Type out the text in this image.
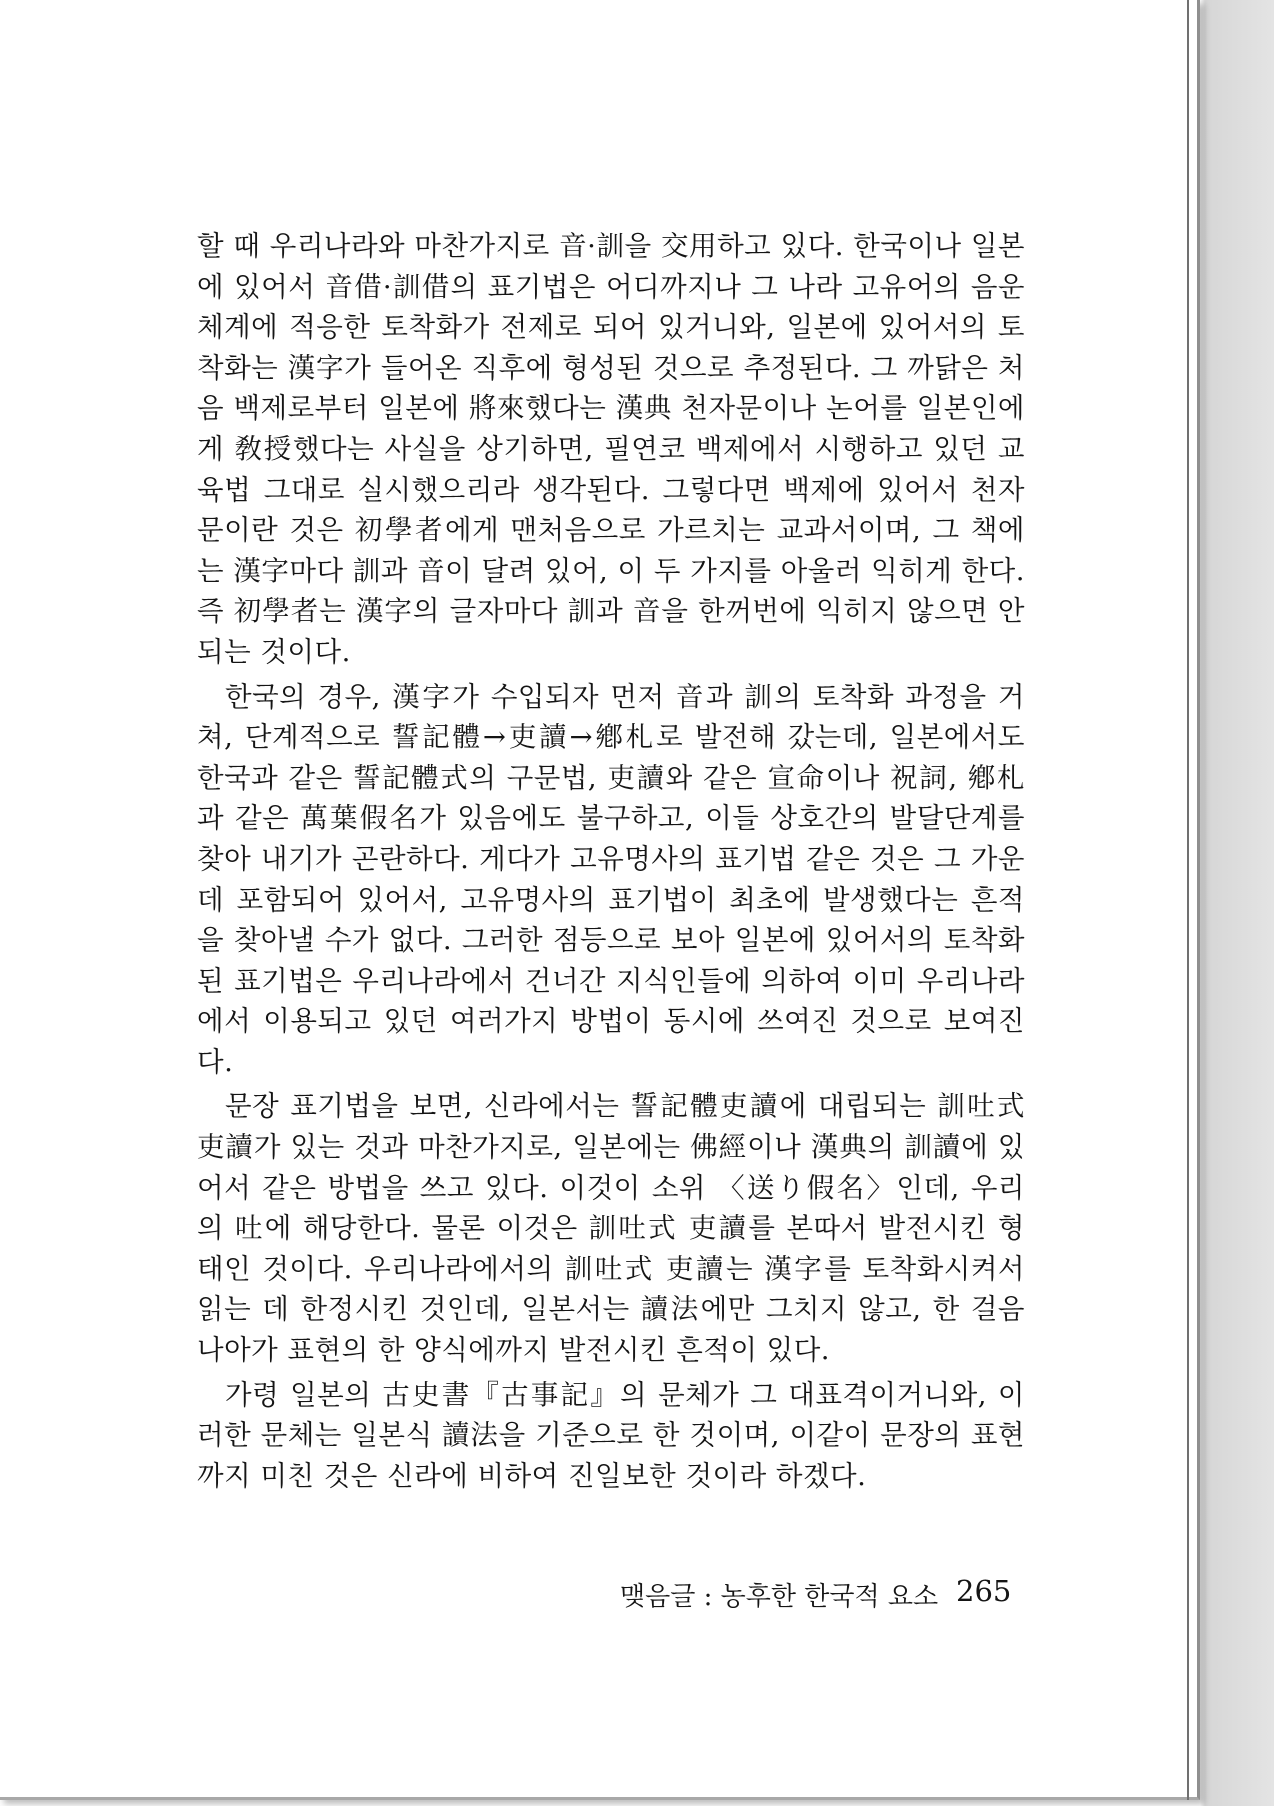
할 때 우리나라와 마찬가지로 音·訓을 交用하고 있다. 한국이나 일본에 있어서 音借·訓借의 표기법은 어디까지나 그 나라 고유어의 음운체계에 적응한 토착화가 전제로 되어 있거니와, 일본에 있어서의 토착화는 漢字가 들어온 직후에 형성된 것으로 추정된다. 그 까닭은 처음 백제로부터 일본에 將來했다는 漢典 천자문이나 논어를 일본인에게 敎授했다는 사실을 상기하면, 필연코 백제에서 시행하고 있던 교육법 그대로 실시했으리라 생각된다. 그렇다면 백제에 있어서 천자문이란 것은 初學者에게 맨처음으로 가르치는 교과서이며, 그 책에는 漢字마다 訓과 音이 달려 있어, 이 두 가지를 아울러 익히게 한다. 즉 初學者는 漢字의 글자마다 訓과 音을 한꺼번에 익히지 않으면 안되는 것이다.

한국의 경우, 漢字가 수입되자 먼저 音과 訓의 토착화 과정을 거쳐, 단계적으로 誓記體→吏讀→鄕札로 발전해 갔는데, 일본에서도 한국과 같은 誓記體式의 구문법, 吏讀와 같은 宣命이나 祝詞, 鄕札과 같은 萬葉假名가 있음에도 불구하고, 이들 상호간의 발달단계를 찾아 내기가 곤란하다. 게다가 고유명사의 표기법 같은 것은 그 가운데 포함되어 있어서, 고유명사의 표기법이 최초에 발생했다는 흔적을 찾아낼 수가 없다. 그러한 점등으로 보아 일본에 있어서의 토착화된 표기법은 우리나라에서 건너간 지식인들에 의하여 이미 우리나라에서 이용되고 있던 여러가지 방법이 동시에 쓰여진 것으로 보여진다.

문장 표기법을 보면, 신라에서는 誓記體吏讀에 대립되는 訓吐式吏讀가 있는 것과 마찬가지로, 일본에는 佛經이나 漢典의 訓讀에 있어서 같은 방법을 쓰고 있다. 이것이 소위 〈送り假名〉인데, 우리의 吐에 해당한다. 물론 이것은 訓吐式 吏讀를 본따서 발전시킨 형태인 것이다. 우리나라에서의 訓吐式 吏讀는 漢字를 토착화시켜서 읽는 데 한정시킨 것인데, 일본서는 讀法에만 그치지 않고, 한 걸음 나아가 표현의 한 양식에까지 발전시킨 흔적이 있다.

가령 일본의 古史書『古事記』의 문체가 그 대표격이거니와, 이러한 문체는 일본식 讀法을 기준으로 한 것이며, 이같이 문장의 표현까지 미친 것은 신라에 비하여 진일보한 것이라 하겠다.

맺음글 : 농후한 한국적 요소 265
